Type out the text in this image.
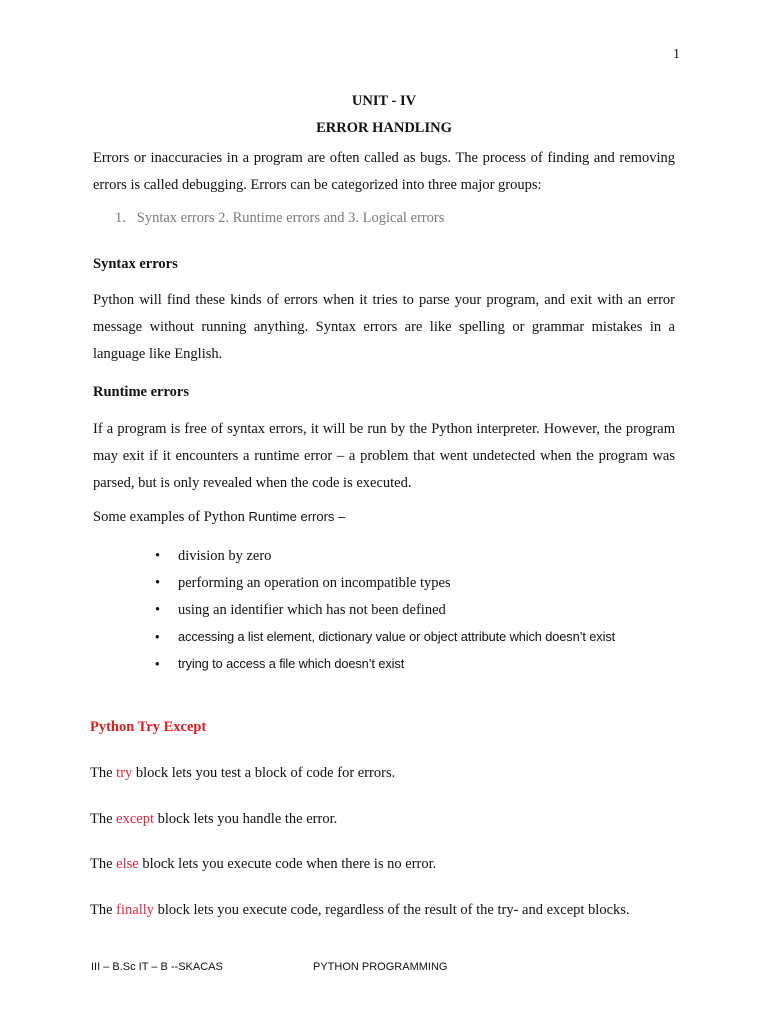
1
UNIT - IV
ERROR HANDLING
Errors or inaccuracies in a program are often called as bugs. The process of finding and removing errors is called debugging. Errors can be categorized into three major groups:
1. Syntax errors 2. Runtime errors and 3. Logical errors
Syntax errors
Python will find these kinds of errors when it tries to parse your program, and exit with an error message without running anything. Syntax errors are like spelling or grammar mistakes in a language like English.
Runtime errors
If a program is free of syntax errors, it will be run by the Python interpreter. However, the program may exit if it encounters a runtime error – a problem that went undetected when the program was parsed, but is only revealed when the code is executed.
Some examples of Python Runtime errors –
• division by zero
• performing an operation on incompatible types
• using an identifier which has not been defined
• accessing a list element, dictionary value or object attribute which doesn’t exist
• trying to access a file which doesn’t exist
Python Try Except
The try block lets you test a block of code for errors.
The except block lets you handle the error.
The else block lets you execute code when there is no error.
The finally block lets you execute code, regardless of the result of the try- and except blocks.
III – B.Sc IT – B --SKACAS	PYTHON PROGRAMMING
